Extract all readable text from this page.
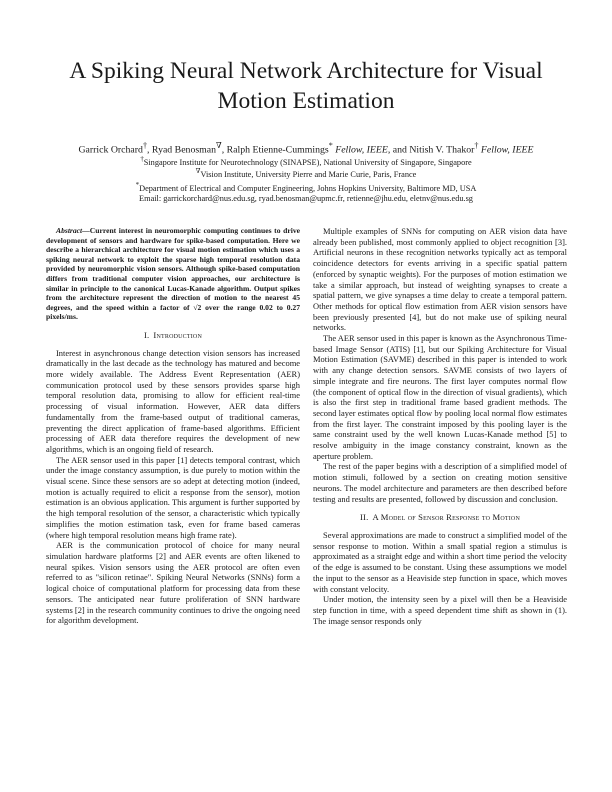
A Spiking Neural Network Architecture for Visual Motion Estimation
Garrick Orchard†, Ryad Benosman∇, Ralph Etienne-Cummings* Fellow, IEEE, and Nitish V. Thakor† Fellow, IEEE
†Singapore Institute for Neurotechnology (SINAPSE), National University of Singapore, Singapore
∇Vision Institute, University Pierre and Marie Curie, Paris, France
*Department of Electrical and Computer Engineering, Johns Hopkins University, Baltimore MD, USA
Email: garrickorchard@nus.edu.sg, ryad.benosman@upmc.fr, retienne@jhu.edu, eletnv@nus.edu.sg

Abstract—Current interest in neuromorphic computing continues to drive development of sensors and hardware for spike-based computation. Here we describe a hierarchical architecture for visual motion estimation which uses a spiking neural network to exploit the sparse high temporal resolution data provided by neuromorphic vision sensors. Although spike-based computation differs from traditional computer vision approaches, our architecture is similar in principle to the canonical Lucas-Kanade algorithm. Output spikes from the architecture represent the direction of motion to the nearest 45 degrees, and the speed within a factor of √2 over the range 0.02 to 0.27 pixels/ms.

I. Introduction

Interest in asynchronous change detection vision sensors has increased dramatically in the last decade as the technology has matured and become more widely available. The Address Event Representation (AER) communication protocol used by these sensors provides sparse high temporal resolution data, promising to allow for efficient real-time processing of visual information. However, AER data differs fundamentally from the frame-based output of traditional cameras, preventing the direct application of frame-based algorithms. Efficient processing of AER data therefore requires the development of new algorithms, which is an ongoing field of research.

The AER sensor used in this paper [1] detects temporal contrast, which under the image constancy assumption, is due purely to motion within the visual scene. Since these sensors are so adept at detecting motion (indeed, motion is actually required to elicit a response from the sensor), motion estimation is an obvious application. This argument is further supported by the high temporal resolution of the sensor, a characteristic which typically simplifies the motion estimation task, even for frame based cameras (where high temporal resolution means high frame rate).

AER is the communication protocol of choice for many neural simulation hardware platforms [2] and AER events are often likened to neural spikes. Vision sensors using the AER protocol are often even referred to as "silicon retinae". Spiking Neural Networks (SNNs) form a logical choice of computational platform for processing data from these sensors. The anticipated near future proliferation of SNN hardware systems [2] in the research community continues to drive the ongoing need for algorithm development.

Multiple examples of SNNs for computing on AER vision data have already been published, most commonly applied to object recognition [3]. Artificial neurons in these recognition networks typically act as temporal coincidence detectors for events arriving in a specific spatial pattern (enforced by synaptic weights). For the purposes of motion estimation we take a similar approach, but instead of weighting synapses to create a spatial pattern, we give synapses a time delay to create a temporal pattern. Other methods for optical flow estimation from AER vision sensors have been previously presented [4], but do not make use of spiking neural networks.

The AER sensor used in this paper is known as the Asynchronous Time-based Image Sensor (ATIS) [1], but our Spiking Architecture for Visual Motion Estimation (SAVME) described in this paper is intended to work with any change detection sensors. SAVME consists of two layers of simple integrate and fire neurons. The first layer computes normal flow (the component of optical flow in the direction of visual gradients), which is also the first step in traditional frame based gradient methods. The second layer estimates optical flow by pooling local normal flow estimates from the first layer. The constraint imposed by this pooling layer is the same constraint used by the well known Lucas-Kanade method [5] to resolve ambiguity in the image constancy constraint, known as the aperture problem.

The rest of the paper begins with a description of a simplified model of motion stimuli, followed by a section on creating motion sensitive neurons. The model architecture and parameters are then described before testing and results are presented, followed by discussion and conclusion.

II. A Model of Sensor Response to Motion

Several approximations are made to construct a simplified model of the sensor response to motion. Within a small spatial region a stimulus is approximated as a straight edge and within a short time period the velocity of the edge is assumed to be constant. Using these assumptions we model the input to the sensor as a Heaviside step function in space, which moves with constant velocity.

Under motion, the intensity seen by a pixel will then be a Heaviside step function in time, with a speed dependent time shift as shown in (1). The image sensor responds only
